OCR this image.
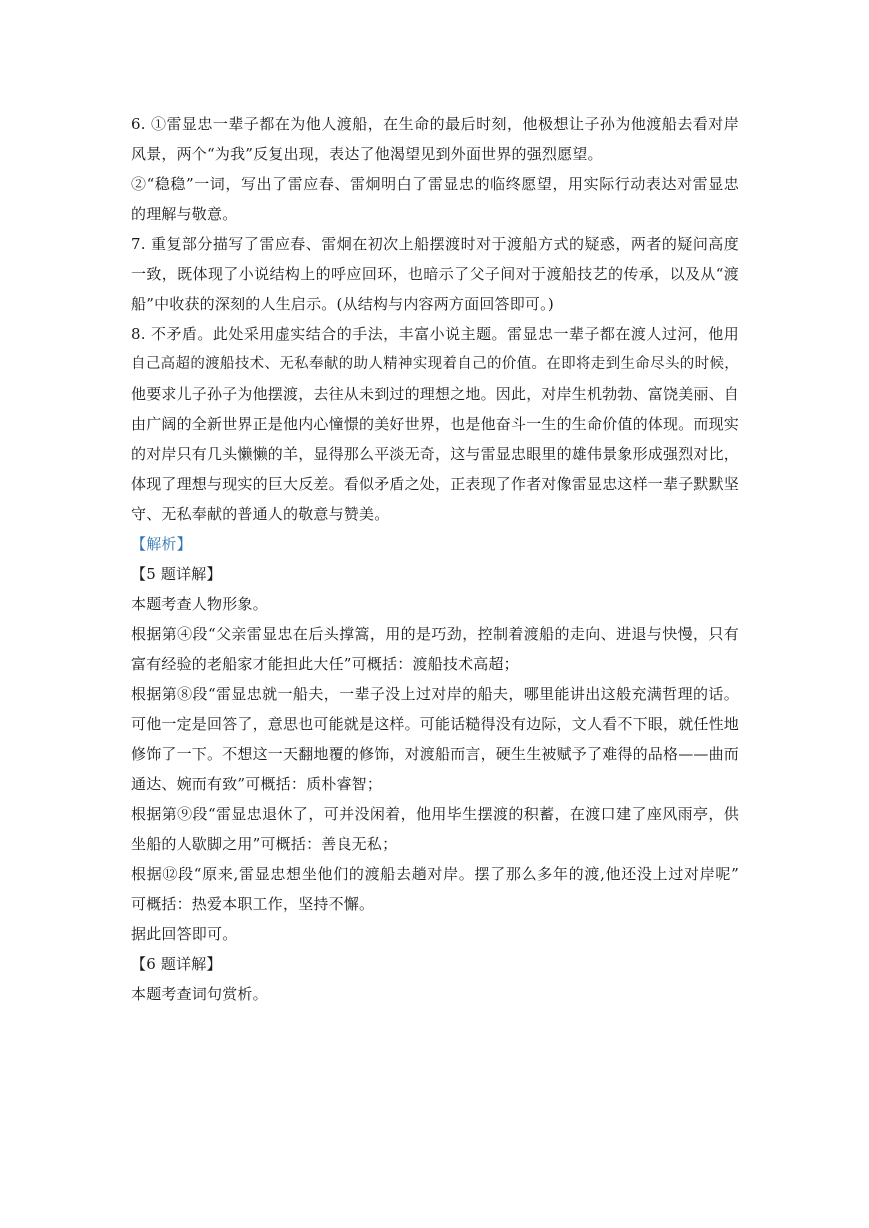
6. ①雷显忠一辈子都在为他人渡船，在生命的最后时刻，他极想让子孙为他渡船去看对岸
风景，两个“为我”反复出现，表达了他渴望见到外面世界的强烈愿望。
②“稳稳”一词，写出了雷应春、雷炯明白了雷显忠的临终愿望，用实际行动表达对雷显忠
的理解与敬意。
7. 重复部分描写了雷应春、雷炯在初次上船摆渡时对于渡船方式的疑惑，两者的疑问高度
一致，既体现了小说结构上的呼应回环，也暗示了父子间对于渡船技艺的传承，以及从“渡
船”中收获的深刻的人生启示。(从结构与内容两方面回答即可。)
8. 不矛盾。此处采用虚实结合的手法，丰富小说主题。雷显忠一辈子都在渡人过河，他用
自己高超的渡船技术、无私奉献的助人精神实现着自己的价值。在即将走到生命尽头的时候，
他要求儿子孙子为他摆渡，去往从未到过的理想之地。因此，对岸生机勃勃、富饶美丽、自
由广阔的全新世界正是他内心憧憬的美好世界，也是他奋斗一生的生命价值的体现。而现实
的对岸只有几头懒懒的羊，显得那么平淡无奇，这与雷显忠眼里的雄伟景象形成强烈对比，
体现了理想与现实的巨大反差。看似矛盾之处，正表现了作者对像雷显忠这样一辈子默默坚
守、无私奉献的普通人的敬意与赞美。
【解析】
【5 题详解】
本题考查人物形象。
根据第④段“父亲雷显忠在后头撑篙，用的是巧劲，控制着渡船的走向、进退与快慢，只有
富有经验的老船家才能担此大任”可概括：渡船技术高超；
根据第⑧段“雷显忠就一船夫，一辈子没上过对岸的船夫，哪里能讲出这般充满哲理的话。
可他一定是回答了，意思也可能就是这样。可能话糙得没有边际，文人看不下眼，就任性地
修饰了一下。不想这一天翻地覆的修饰，对渡船而言，硬生生被赋予了难得的品格——曲而
通达、婉而有致”可概括：质朴睿智；
根据第⑨段“雷显忠退休了，可并没闲着，他用毕生摆渡的积蓄，在渡口建了座风雨亭，供
坐船的人歇脚之用”可概括：善良无私；
根据⑫段“原来,雷显忠想坐他们的渡船去趟对岸。摆了那么多年的渡,他还没上过对岸呢”
可概括：热爱本职工作，坚持不懈。
据此回答即可。
【6 题详解】
本题考查词句赏析。
